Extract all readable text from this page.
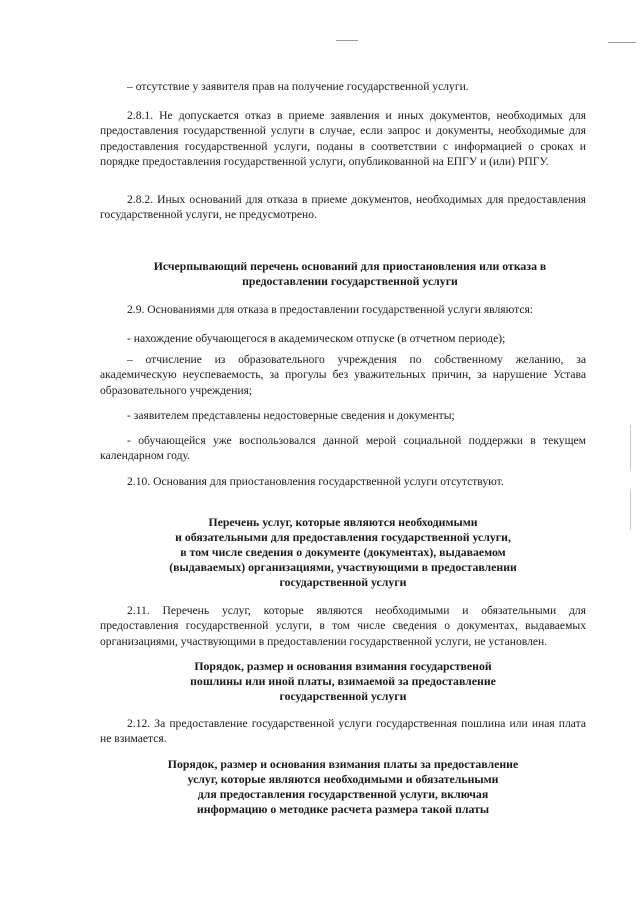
– отсутствие у заявителя прав на получение государственной услуги.

2.8.1. Не допускается отказ в приеме заявления и иных документов, необходимых для предоставления государственной услуги в случае, если запрос и документы, необходимые для предоставления государственной услуги, поданы в соответствии с информацией о сроках и порядке предоставления государственной услуги, опубликованной на ЕПГУ и (или) РПГУ.

2.8.2. Иных оснований для отказа в приеме документов, необходимых для предоставления государственной услуги, не предусмотрено.

Исчерпывающий перечень оснований для приостановления или отказа в предоставлении государственной услуги

2.9. Основаниями для отказа в предоставлении государственной услуги являются:

- нахождение обучающегося в академическом отпуске (в отчетном периоде);

– отчисление из образовательного учреждения по собственному желанию, за академическую неуспеваемость, за прогулы без уважительных причин, за нарушение Устава образовательного учреждения;

- заявителем представлены недостоверные сведения и документы;

- обучающейся уже воспользовался данной мерой социальной поддержки в текущем календарном году.

2.10. Основания для приостановления государственной услуги отсутствуют.

Перечень услуг, которые являются необходимыми

и обязательными для предоставления государственной услуги,

в том числе сведения о документе (документах), выдаваемом

(выдаваемых) организациями, участвующими в предоставлении

государственной услуги

2.11. Перечень услуг, которые являются необходимыми и обязательными для предоставления государственной услуги, в том числе сведения о документах, выдаваемых организациями, участвующими в предоставлении государственной услуги, не установлен.

Порядок, размер и основания взимания государственой

пошлины или иной платы, взимаемой за предоставление

государственной услуги

2.12. За предоставление государственной услуги государственная пошлина или иная плата не взимается.

Порядок, размер и основания взимания платы за предоставление

услуг, которые являются необходимыми и обязательными

для предоставления государственной услуги, включая

информацию о методике расчета размера такой платы
